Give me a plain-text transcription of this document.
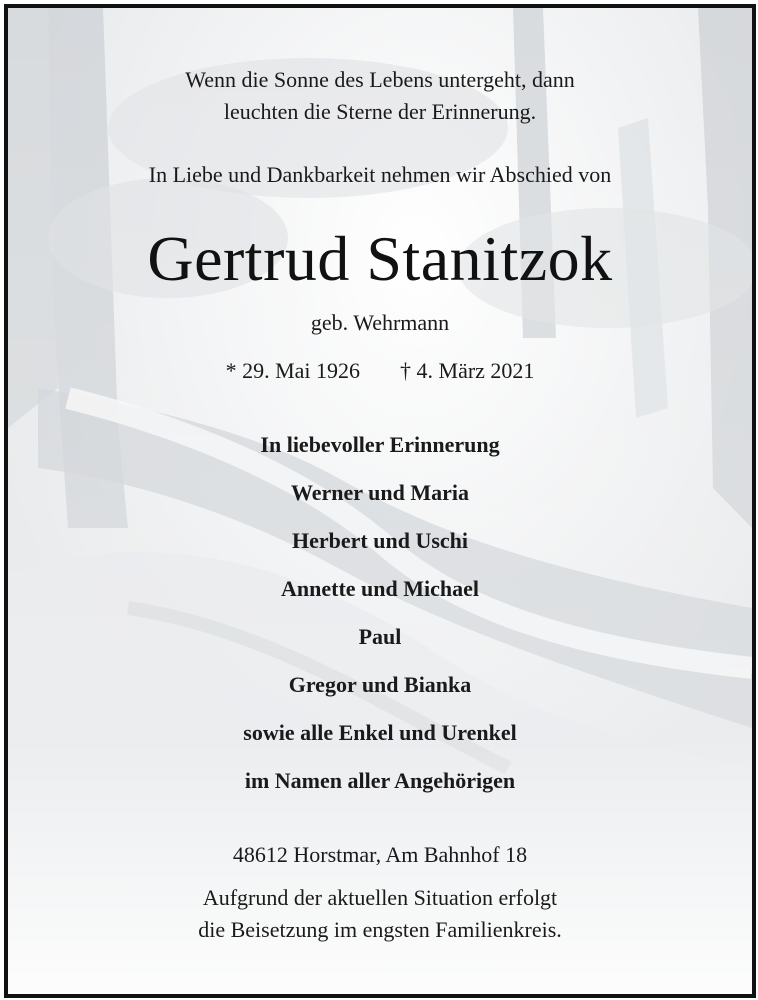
Wenn die Sonne des Lebens untergeht, dann
leuchten die Sterne der Erinnerung.
In Liebe und Dankbarkeit nehmen wir Abschied von
Gertrud Stanitzok
geb. Wehrmann
* 29. Mai 1926 † 4. März 2021
In liebevoller Erinnerung
Werner und Maria
Herbert und Uschi
Annette und Michael
Paul
Gregor und Bianka
sowie alle Enkel und Urenkel
im Namen aller Angehörigen
48612 Horstmar, Am Bahnhof 18
Aufgrund der aktuellen Situation erfolgt
die Beisetzung im engsten Familienkreis.
